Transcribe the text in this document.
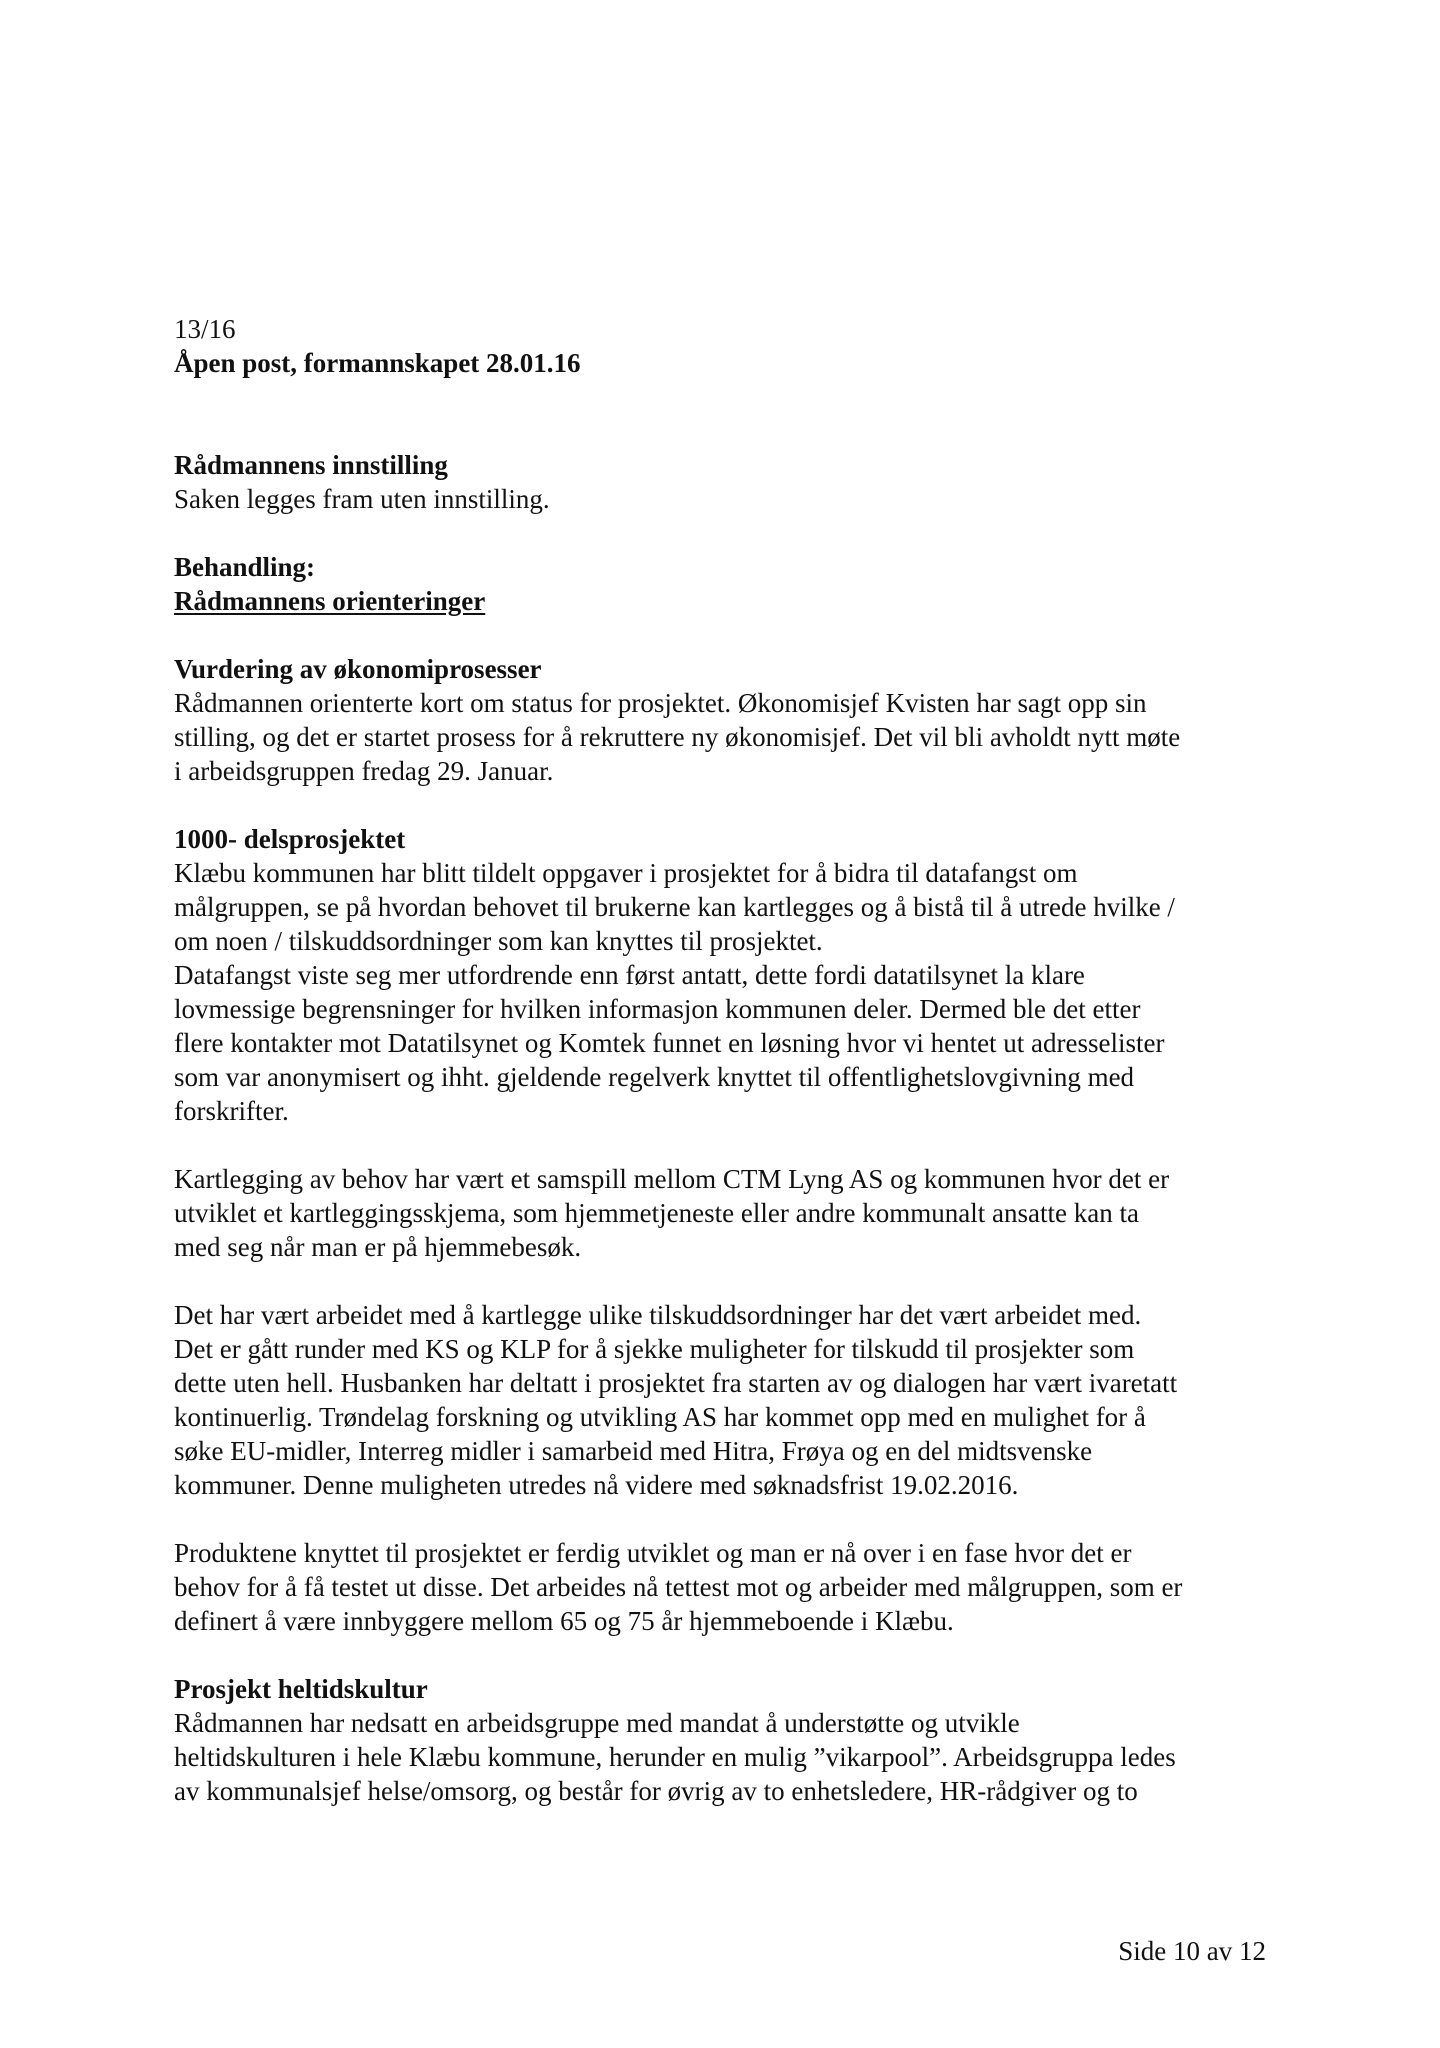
13/16
Åpen post, formannskapet 28.01.16
Rådmannens innstilling
Saken legges fram uten innstilling.
Behandling:
Rådmannens orienteringer
Vurdering av økonomiprosesser
Rådmannen orienterte kort om status for prosjektet. Økonomisjef Kvisten har sagt opp sin
stilling, og det er startet prosess for å rekruttere ny økonomisjef. Det vil bli avholdt nytt møte
i arbeidsgruppen fredag 29. Januar.
1000- delsprosjektet
Klæbu kommunen har blitt tildelt oppgaver i prosjektet for å bidra til datafangst om
målgruppen, se på hvordan behovet til brukerne kan kartlegges og å bistå til å utrede hvilke /
om noen / tilskuddsordninger som kan knyttes til prosjektet.
Datafangst viste seg mer utfordrende enn først antatt, dette fordi datatilsynet la klare
lovmessige begrensninger for hvilken informasjon kommunen deler. Dermed ble det etter
flere kontakter mot Datatilsynet og Komtek funnet en løsning hvor vi hentet ut adresselister
som var anonymisert og ihht. gjeldende regelverk knyttet til offentlighetslovgivning med
forskrifter.
Kartlegging av behov har vært et samspill mellom CTM Lyng AS og kommunen hvor det er
utviklet et kartleggingsskjema, som hjemmetjeneste eller andre kommunalt ansatte kan ta
med seg når man er på hjemmebesøk.
Det har vært arbeidet med å kartlegge ulike tilskuddsordninger har det vært arbeidet med.
Det er gått runder med KS og KLP for å sjekke muligheter for tilskudd til prosjekter som
dette uten hell. Husbanken har deltatt i prosjektet fra starten av og dialogen har vært ivaretatt
kontinuerlig. Trøndelag forskning og utvikling AS har kommet opp med en mulighet for å
søke EU-midler, Interreg midler i samarbeid med Hitra, Frøya og en del midtsvenske
kommuner. Denne muligheten utredes nå videre med søknadsfrist 19.02.2016.
Produktene knyttet til prosjektet er ferdig utviklet og man er nå over i en fase hvor det er
behov for å få testet ut disse. Det arbeides nå tettest mot og arbeider med målgruppen, som er
definert å være innbyggere mellom 65 og 75 år hjemmeboende i Klæbu.
Prosjekt heltidskultur
Rådmannen har nedsatt en arbeidsgruppe med mandat å understøtte og utvikle
heltidskulturen i hele Klæbu kommune, herunder en mulig ”vikarpool”. Arbeidsgruppa ledes
av kommunalsjef helse/omsorg, og består for øvrig av to enhetsledere, HR-rådgiver og to
Side 10 av 12
